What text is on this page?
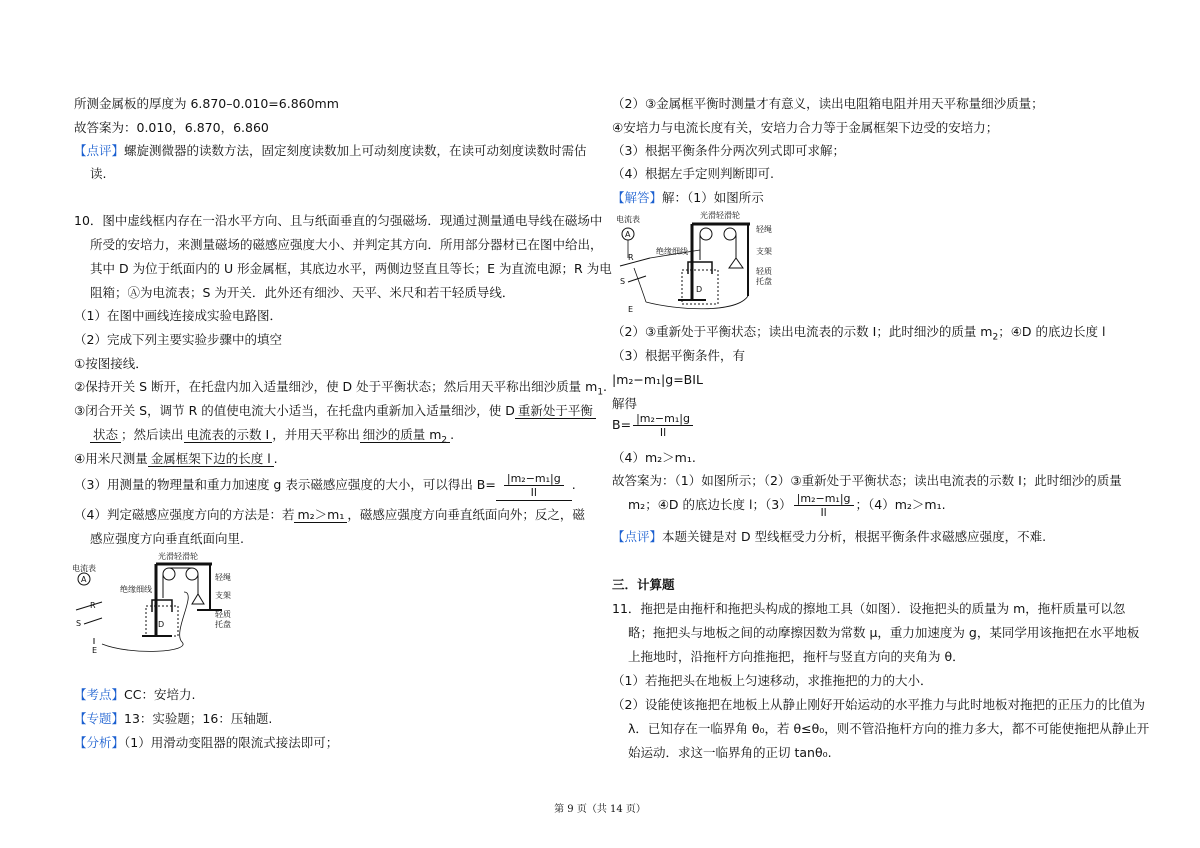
所测金属板的厚度为 6.870–0.010=6.860mm
故答案为：0.010，6.870，6.860
【点评】螺旋测微器的读数方法，固定刻度读数加上可动刻度读数，在读可动刻度读数时需估
读.
10．图中虚线框内存在一沿水平方向、且与纸面垂直的匀强磁场．现通过测量通电导线在磁场中
所受的安培力，来测量磁场的磁感应强度大小、并判定其方向．所用部分器材已在图中给出，
其中 D 为位于纸面内的 U 形金属框，其底边水平，两侧边竖直且等长；E 为直流电源；R 为电
阻箱；Ⓐ为电流表；S 为开关．此外还有细沙、天平、米尺和若干轻质导线．
（1）在图中画线连接成实验电路图．
（2）完成下列主要实验步骤中的填空
①按图接线．
②保持开关 S 断开，在托盘内加入适量细沙，使 D 处于平衡状态；然后用天平称出细沙质量 $m_1$.
③闭合开关 S，调节 R 的值使电流大小适当，在托盘内重新加入适量细沙，使 D 重新处于平衡
状态 ；然后读出 电流表的示数 I ，并用天平称出 细沙的质量 $m_2$ .
④用米尺测量 金属框架下边的长度 l .
（3）用测量的物理量和重力加速度 g 表示磁感应强度的大小，可以得出 $B= \frac{\text{|m₂−m₁|g}}{Il}$ .
（4）判定磁感应强度方向的方法是：若 m₂＞m₁ ，磁感应强度方向垂直纸面向外；反之，磁
感应强度方向垂直纸面向里.
A
电流表
光滑轻滑轮
轻绳
支架
轻质
托盘
绝缘细线
D
R
S
E
【考点】CC：安培力.
【专题】13：实验题；16：压轴题.
【分析】（1）用滑动变阻器的限流式接法即可；
（2）③金属框平衡时测量才有意义，读出电阻箱电阻并用天平称量细沙质量；
④安培力与电流长度有关，安培力合力等于金属框架下边受的安培力；
（3）根据平衡条件分两次列式即可求解；
（4）根据左手定则判断即可.
【解答】解：（1）如图所示
电流表
A
光滑轻滑轮
轻绳
支架
轻质
托盘
绝缘细线
D
R
S
E
（2）③重新处于平衡状态；读出电流表的示数 I；此时细沙的质量 $m_2$；④D 的底边长度 l
（3）根据平衡条件，有
|m₂−m₁|g=BIL
解得
$B= \frac{\text{|m₂−m₁|g}}{Il}$
（4）m₂＞m₁.
故答案为：（1）如图所示；（2）③重新处于平衡状态；读出电流表的示数 I；此时细沙的质量
m₂；④D 的底边长度 l；$(3) \frac{\text{|m₂−m₁|g}}{Il}$ ；（4）m₂＞m₁.
【点评】本题关键是对 D 型线框受力分析，根据平衡条件求磁感应强度，不难.
三．计算题
11．拖把是由拖杆和拖把头构成的擦地工具（如图）．设拖把头的质量为 m，拖杆质量可以忽
略；拖把头与地板之间的动摩擦因数为常数 μ，重力加速度为 g，某同学用该拖把在水平地板
上拖地时，沿拖杆方向推拖把，拖杆与竖直方向的夹角为 θ．
（1）若拖把头在地板上匀速移动，求推拖把的力的大小．
（2）设能使该拖把在地板上从静止刚好开始运动的水平推力与此时地板对拖把的正压力的比值为
λ．已知存在一临界角 θ₀，若 θ≤θ₀，则不管沿拖杆方向的推力多大，都不可能使拖把从静止开
始运动．求这一临界角的正切 tanθ₀.
第 9 页（共 14 页）
